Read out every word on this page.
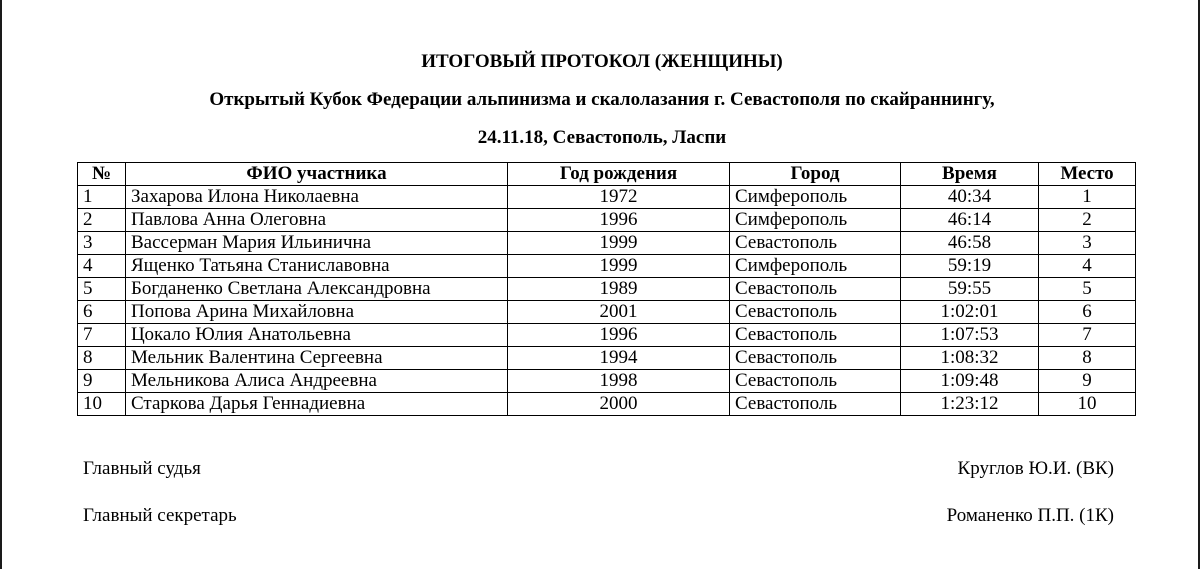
ИТОГОВЫЙ ПРОТОКОЛ (ЖЕНЩИНЫ)
Открытый Кубок Федерации альпинизма и скалолазания г. Севастополя по скайраннингу,
24.11.18, Севастополь, Ласпи
№	ФИО участника	Год рождения	Город	Время	Место
1	Захарова Илона Николаевна	1972	Симферополь	40:34	1
2	Павлова Анна Олеговна	1996	Симферополь	46:14	2
3	Вассерман Мария Ильинична	1999	Севастополь	46:58	3
4	Ященко Татьяна Станиславовна	1999	Симферополь	59:19	4
5	Богданенко Светлана Александровна	1989	Севастополь	59:55	5
6	Попова Арина Михайловна	2001	Севастополь	1:02:01	6
7	Цокало Юлия Анатольевна	1996	Севастополь	1:07:53	7
8	Мельник Валентина Сергеевна	1994	Севастополь	1:08:32	8
9	Мельникова Алиса Андреевна	1998	Севастополь	1:09:48	9
10	Старкова Дарья Геннадиевна	2000	Севастополь	1:23:12	10
Главный судья	Круглов Ю.И. (ВК)
Главный секретарь	Романенко П.П. (1К)
